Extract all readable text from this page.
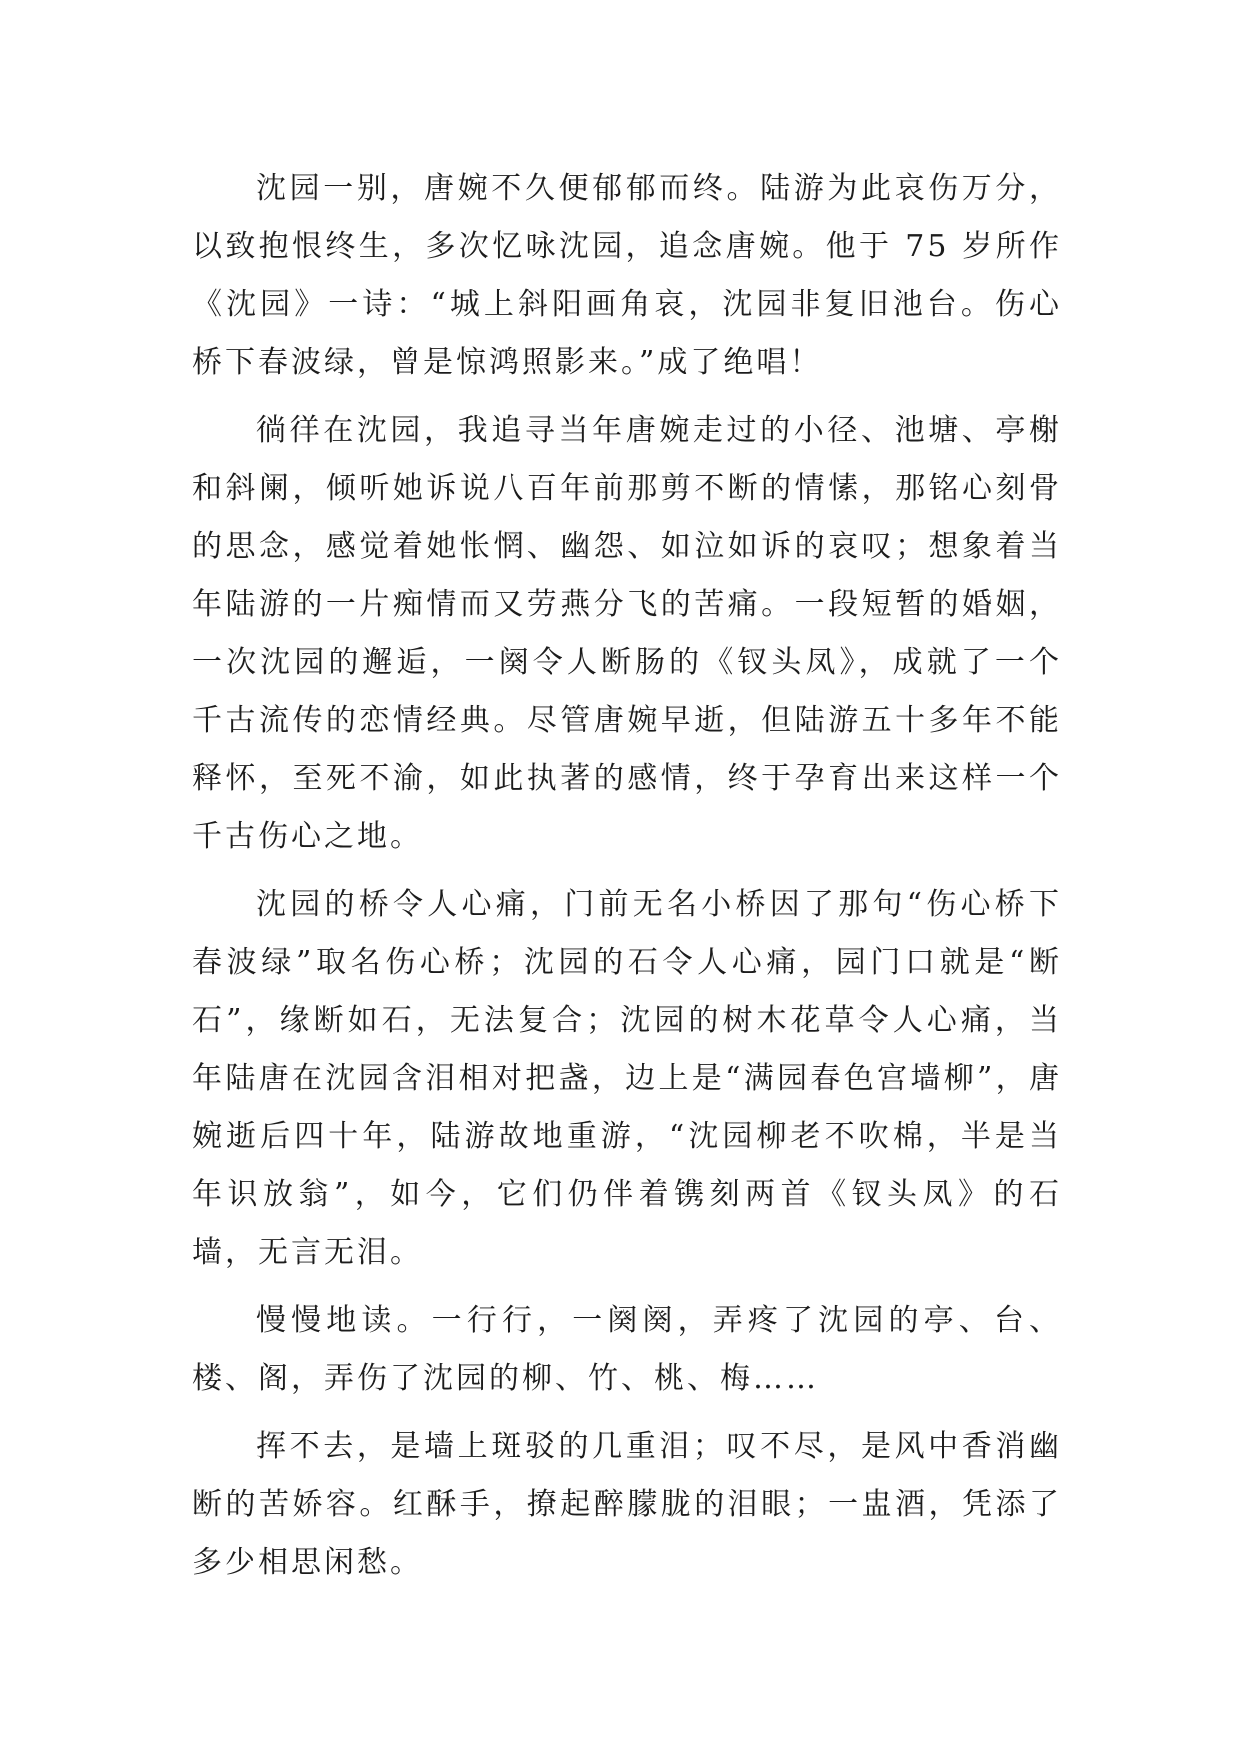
沈园一别，唐婉不久便郁郁而终。陆游为此哀伤万分，以致抱恨终生，多次忆咏沈园，追念唐婉。他于 75 岁所作《沈园》一诗：“城上斜阳画角哀，沈园非复旧池台。伤心桥下春波绿，曾是惊鸿照影来。”成了绝唱！

徜徉在沈园，我追寻当年唐婉走过的小径、池塘、亭榭和斜阑，倾听她诉说八百年前那剪不断的情愫，那铭心刻骨的思念，感觉着她怅惘、幽怨、如泣如诉的哀叹；想象着当年陆游的一片痴情而又劳燕分飞的苦痛。一段短暂的婚姻，一次沈园的邂逅，一阕令人断肠的《钗头凤》，成就了一个千古流传的恋情经典。尽管唐婉早逝，但陆游五十多年不能释怀，至死不渝，如此执著的感情，终于孕育出来这样一个千古伤心之地。

沈园的桥令人心痛，门前无名小桥因了那句“伤心桥下春波绿”取名伤心桥；沈园的石令人心痛，园门口就是“断石”，缘断如石，无法复合；沈园的树木花草令人心痛，当年陆唐在沈园含泪相对把盏，边上是“满园春色宫墙柳”，唐婉逝后四十年，陆游故地重游，“沈园柳老不吹棉，半是当年识放翁”，如今，它们仍伴着镌刻两首《钗头凤》的石墙，无言无泪。

慢慢地读。一行行，一阕阕，弄疼了沈园的亭、台、楼、阁，弄伤了沈园的柳、竹、桃、梅……

挥不去，是墙上斑驳的几重泪；叹不尽，是风中香消幽断的苦娇容。红酥手，撩起醉朦胧的泪眼；一盅酒，凭添了多少相思闲愁。
